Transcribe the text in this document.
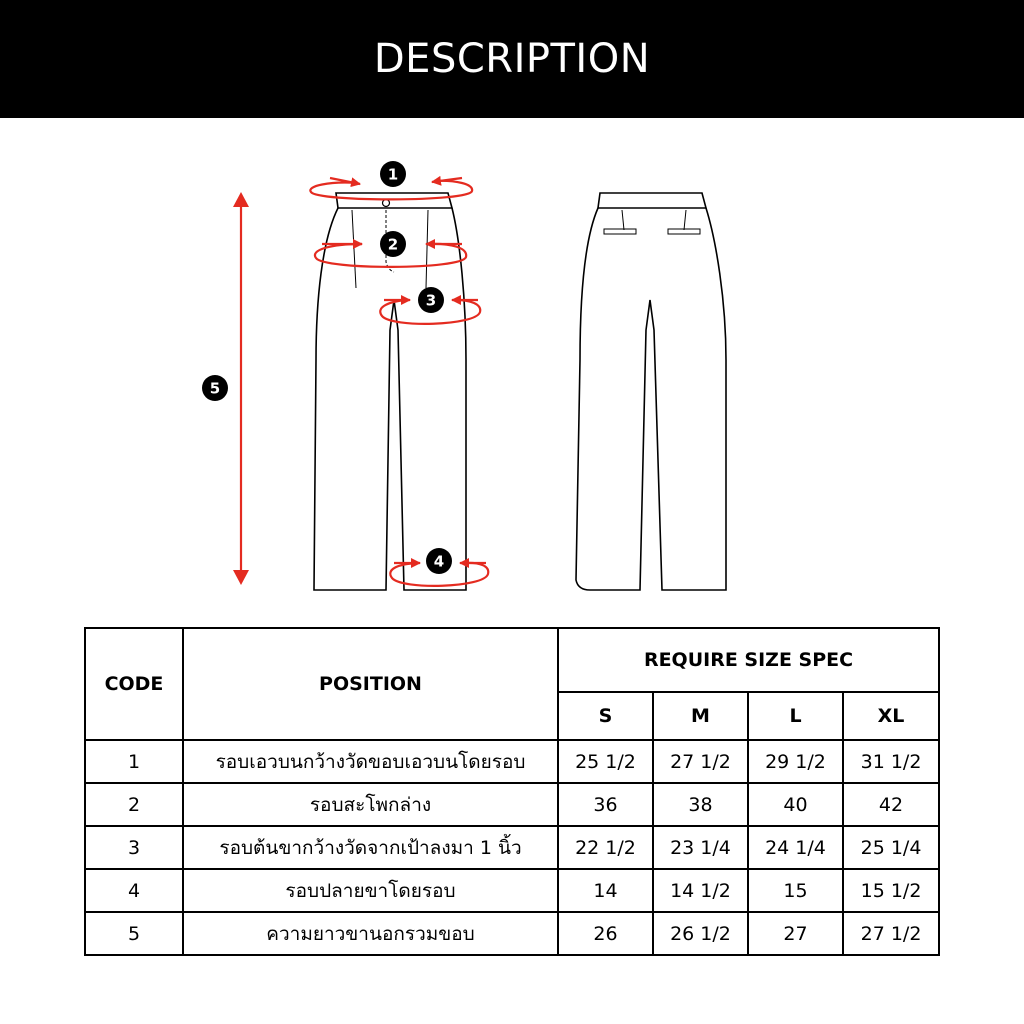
DESCRIPTION
1
2
3
4
5
CODE	POSITION	REQUIRE SIZE SPEC			
		S	M	L	XL
1	รอบเอวบนกว้างวัดขอบเอวบนโดยรอบ	25 1/2	27 1/2	29 1/2	31 1/2
2	รอบสะโพกล่าง	36	38	40	42
3	รอบต้นขากว้างวัดจากเป้าลงมา 1 นิ้ว	22 1/2	23 1/4	24 1/4	25 1/4
4	รอบปลายขาโดยรอบ	14	14 1/2	15	15 1/2
5	ความยาวขานอกรวมขอบ	26	26 1/2	27	27 1/2
